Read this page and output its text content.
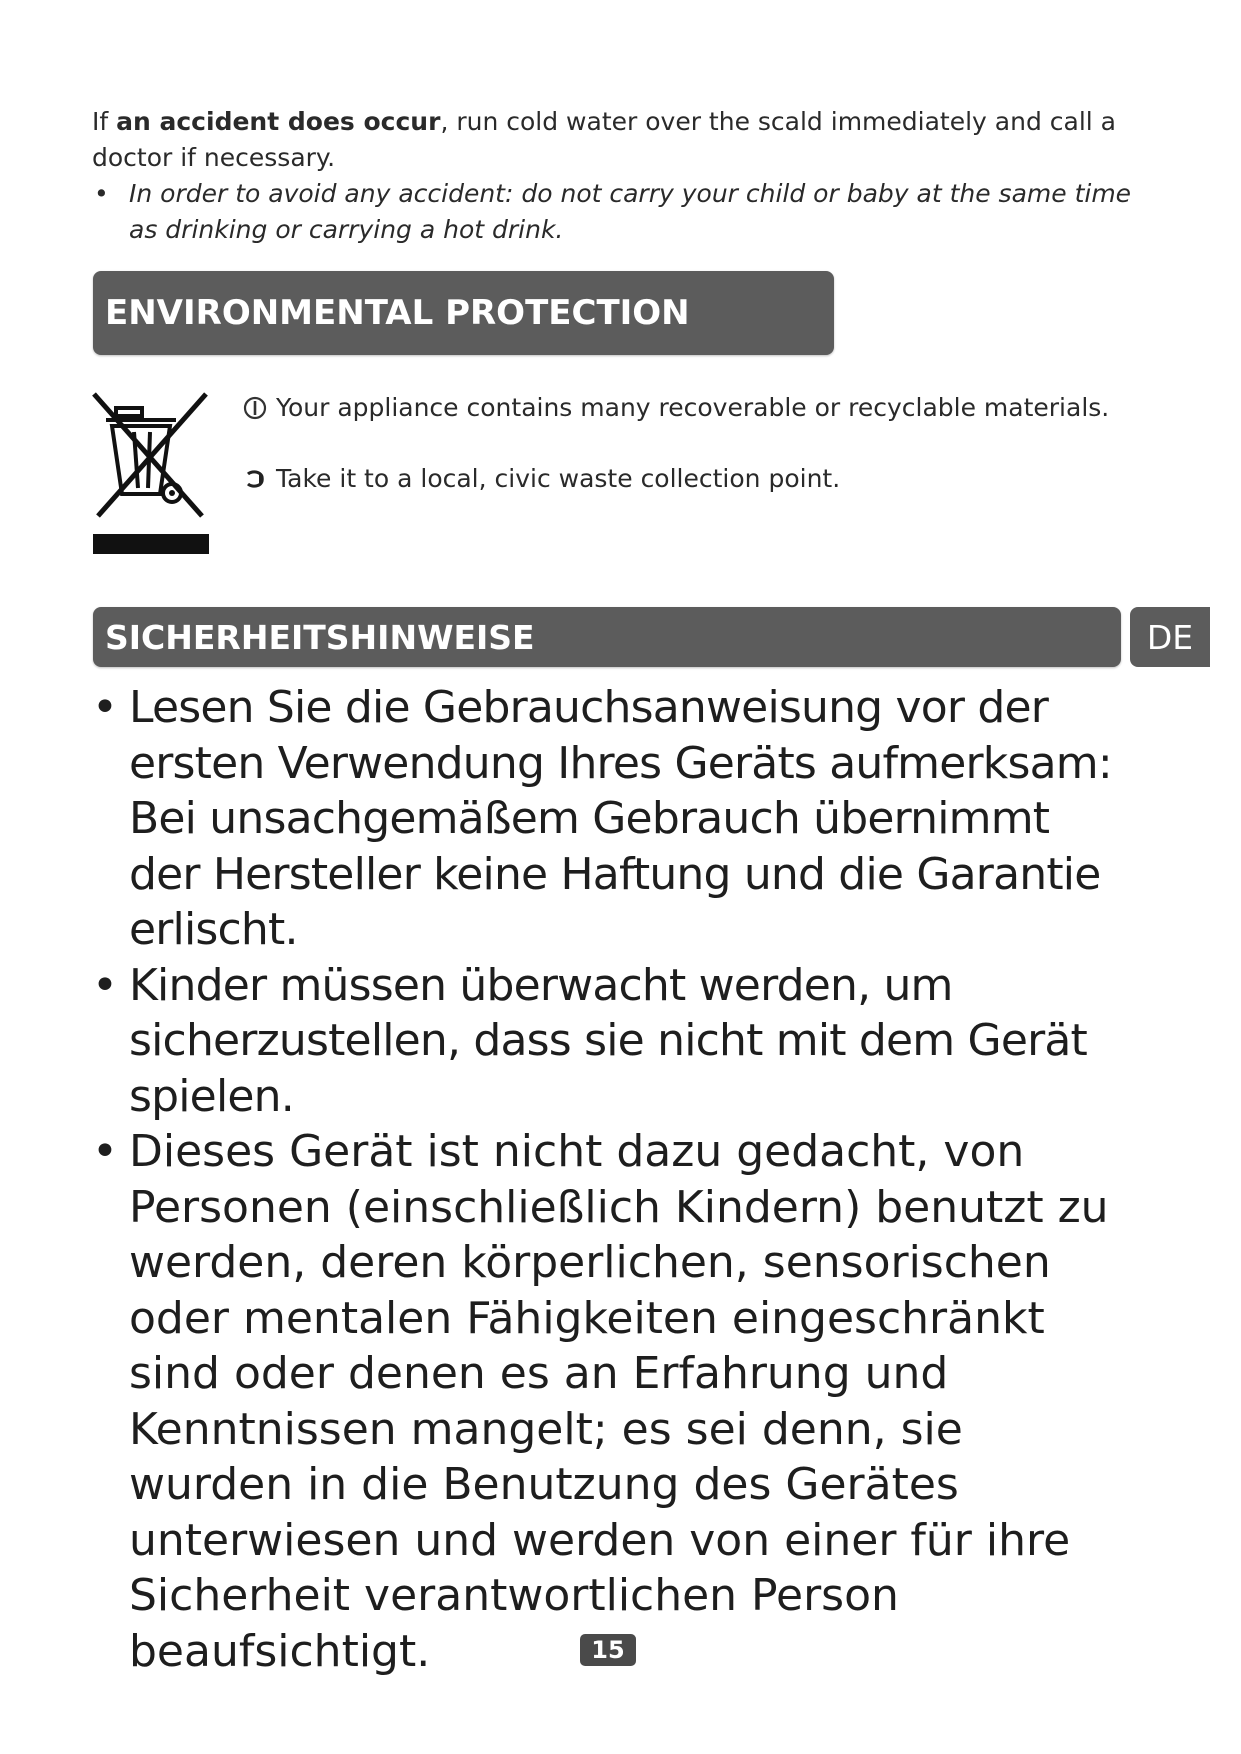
If an accident does occur, run cold water over the scald immediately and call a doctor if necessary.
• In order to avoid any accident: do not carry your child or baby at the same time as drinking or carrying a hot drink.
ENVIRONMENTAL PROTECTION
Your appliance contains many recoverable or recyclable materials.
Take it to a local, civic waste collection point.
SICHERHEITSHINWEISE	DE
• Lesen Sie die Gebrauchsanweisung vor der ersten Verwendung Ihres Geräts aufmerksam: Bei unsachgemäßem Gebrauch übernimmt der Hersteller keine Haftung und die Garantie erlischt.
• Kinder müssen überwacht werden, um sicherzustellen, dass sie nicht mit dem Gerät spielen.
• Dieses Gerät ist nicht dazu gedacht, von Personen (einschließlich Kindern) benutzt zu werden, deren körperlichen, sensorischen oder mentalen Fähigkeiten eingeschränkt sind oder denen es an Erfahrung und Kenntnissen mangelt; es sei denn, sie wurden in die Benutzung des Gerätes unterwiesen und werden von einer für ihre Sicherheit verantwortlichen Person beaufsichtigt.	15
